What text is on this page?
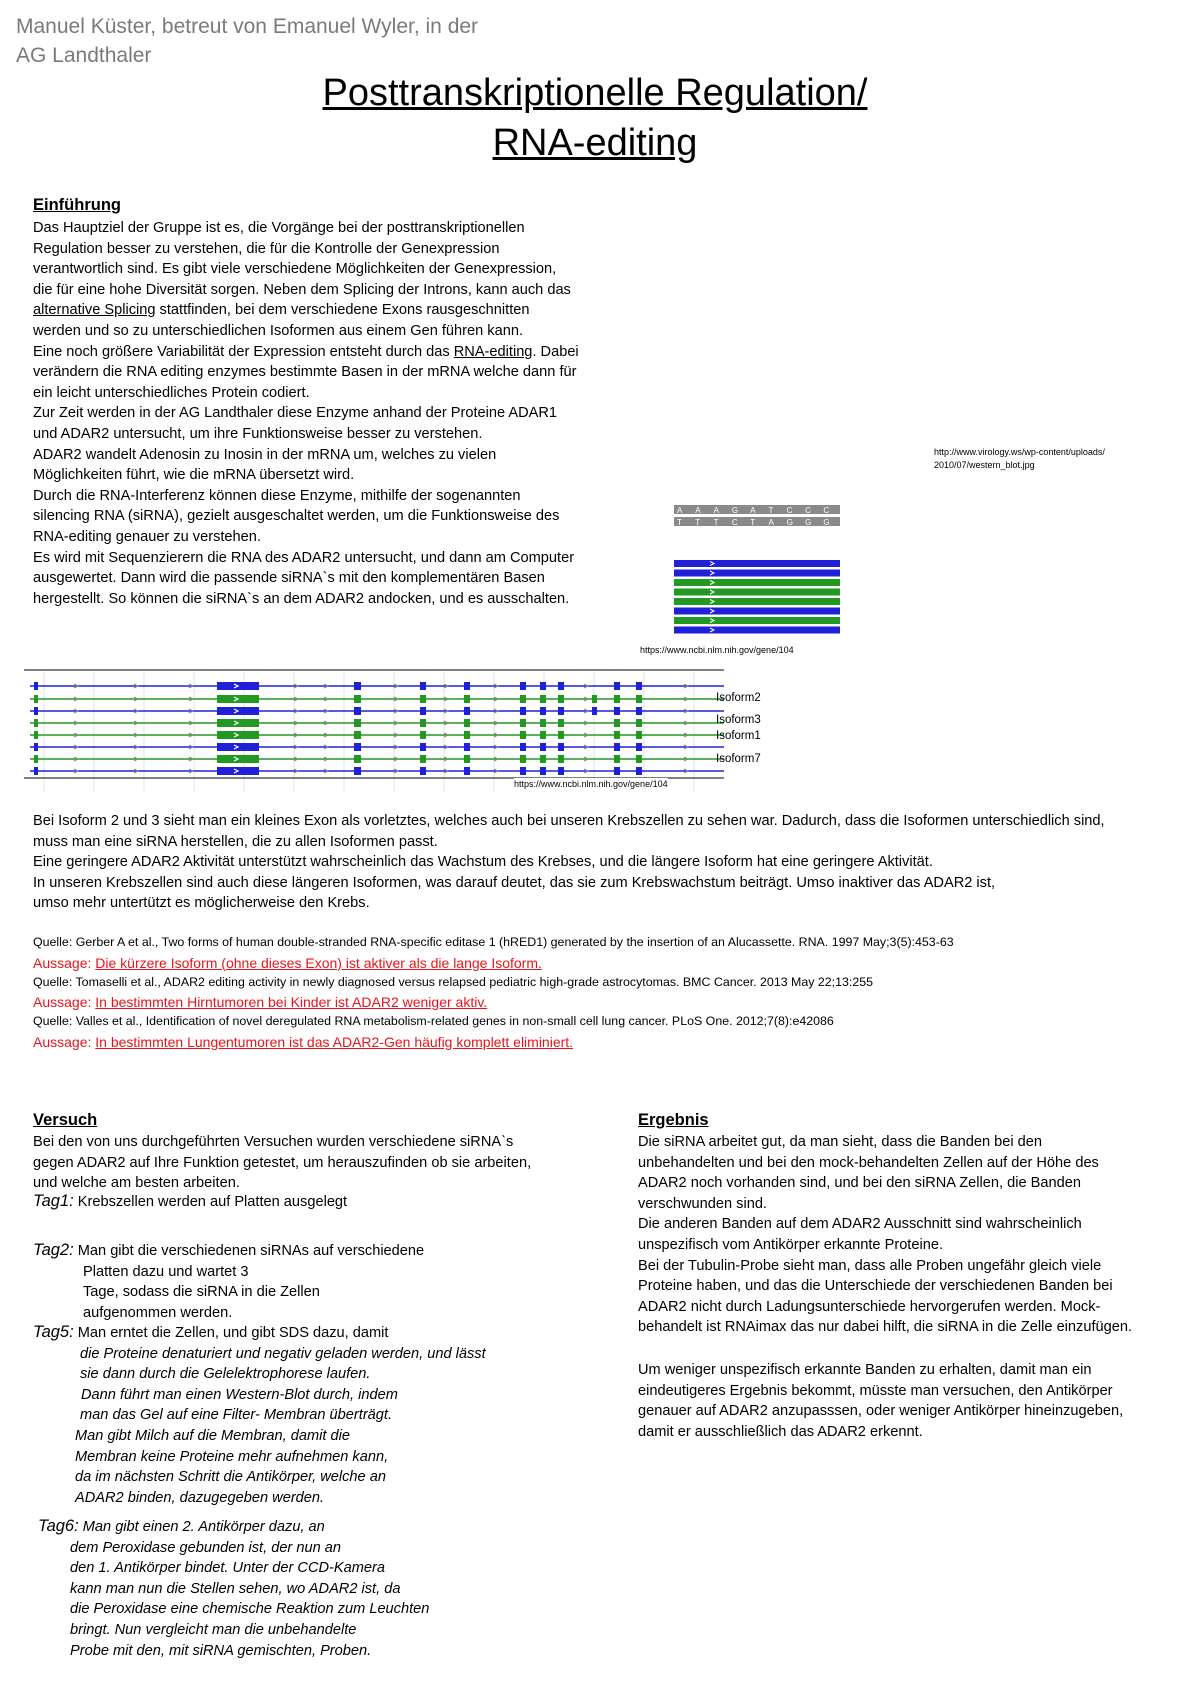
Manuel Küster, betreut von Emanuel Wyler, in der
AG Landthaler
Posttranskriptionelle Regulation/
RNA-editing
Einführung
Das Hauptziel der Gruppe ist es, die Vorgänge bei der posttranskriptionellen
Regulation besser zu verstehen, die für die Kontrolle der Genexpression
verantwortlich sind. Es gibt viele verschiedene Möglichkeiten der Genexpression,
die für eine hohe Diversität sorgen. Neben dem Splicing der Introns, kann auch das
alternative Splicing stattfinden, bei dem verschiedene Exons rausgeschnitten
werden und so zu unterschiedlichen Isoformen aus einem Gen führen kann.
Eine noch größere Variabilität der Expression entsteht durch das RNA-editing. Dabei
verändern die RNA editing enzymes bestimmte Basen in der mRNA welche dann für
ein leicht unterschiedliches Protein codiert.
Zur Zeit werden in der AG Landthaler diese Enzyme anhand der Proteine ADAR1
und ADAR2 untersucht, um ihre Funktionsweise besser zu verstehen.
ADAR2 wandelt Adenosin zu Inosin in der mRNA um, welches zu vielen
Möglichkeiten führt, wie die mRNA übersetzt wird.
Durch die RNA-Interferenz können diese Enzyme, mithilfe der sogenannten
silencing RNA (siRNA), gezielt ausgeschaltet werden, um die Funktionsweise des
RNA-editing genauer zu verstehen.
Es wird mit Sequenzierern die RNA des ADAR2 untersucht, und dann am Computer
ausgewertet. Dann wird die passende siRNA`s mit den komplementären Basen
hergestellt. So können die siRNA`s an dem ADAR2 andocken, und es ausschalten.
http://www.virology.ws/wp-content/uploads/
2010/07/western_blot.jpg
A A A G A T C C C
T T T C T A G G G
https://www.ncbi.nlm.nih.gov/gene/104
Isoform2
Isoform3
Isoform1
Isoform7
https://www.ncbi.nlm.nih.gov/gene/104
Bei Isoform 2 und 3 sieht man ein kleines Exon als vorletztes, welches auch bei unseren Krebszellen zu sehen war. Dadurch, dass die Isoformen unterschiedlich sind,
muss man eine siRNA herstellen, die zu allen Isoformen passt.
Eine geringere ADAR2 Aktivität unterstützt wahrscheinlich das Wachstum des Krebses, und die längere Isoform hat eine geringere Aktivität.
In unseren Krebszellen sind auch diese längeren Isoformen, was darauf deutet, das sie zum Krebswachstum beiträgt. Umso inaktiver das ADAR2 ist,
umso mehr untertützt es möglicherweise den Krebs.
Quelle: Gerber A et al., Two forms of human double-stranded RNA-specific editase 1 (hRED1) generated by the insertion of an Alucassette. RNA. 1997 May;3(5):453-63
Aussage: Die kürzere Isoform (ohne dieses Exon) ist aktiver als die lange Isoform.
Quelle: Tomaselli et al., ADAR2 editing activity in newly diagnosed versus relapsed pediatric high-grade astrocytomas. BMC Cancer. 2013 May 22;13:255
Aussage: In bestimmten Hirntumoren bei Kinder ist ADAR2 weniger aktiv.
Quelle: Valles et al., Identification of novel deregulated RNA metabolism-related genes in non-small cell lung cancer. PLoS One. 2012;7(8):e42086
Aussage: In bestimmten Lungentumoren ist das ADAR2-Gen häufig komplett eliminiert.
Versuch
Bei den von uns durchgeführten Versuchen wurden verschiedene siRNA`s
gegen ADAR2 auf Ihre Funktion getestet, um herauszufinden ob sie arbeiten,
und welche am besten arbeiten.
Tag1: Krebszellen werden auf Platten ausgelegt
Tag2: Man gibt die verschiedenen siRNAs auf verschiedene
Platten dazu und wartet 3
Tage, sodass die siRNA in die Zellen
aufgenommen werden.
Tag5: Man erntet die Zellen, und gibt SDS dazu, damit
die Proteine denaturiert und negativ geladen werden, und lässt
sie dann durch die Gelelektrophorese laufen.
Dann führt man einen Western-Blot durch, indem
man das Gel auf eine Filter- Membran überträgt.
Man gibt Milch auf die Membran, damit die
Membran keine Proteine mehr aufnehmen kann,
da im nächsten Schritt die Antikörper, welche an
ADAR2 binden, dazugegeben werden.
Tag6: Man gibt einen 2. Antikörper dazu, an
dem Peroxidase gebunden ist, der nun an
den 1. Antikörper bindet. Unter der CCD-Kamera
kann man nun die Stellen sehen, wo ADAR2 ist, da
die Peroxidase eine chemische Reaktion zum Leuchten
bringt. Nun vergleicht man die unbehandelte
Probe mit den, mit siRNA gemischten, Proben.
Ergebnis
Die siRNA arbeitet gut, da man sieht, dass die Banden bei den
unbehandelten und bei den mock-behandelten Zellen auf der Höhe des
ADAR2 noch vorhanden sind, und bei den siRNA Zellen, die Banden
verschwunden sind.
Die anderen Banden auf dem ADAR2 Ausschnitt sind wahrscheinlich
unspezifisch vom Antikörper erkannte Proteine.
Bei der Tubulin-Probe sieht man, dass alle Proben ungefähr gleich viele
Proteine haben, und das die Unterschiede der verschiedenen Banden bei
ADAR2 nicht durch Ladungsunterschiede hervorgerufen werden. Mock-
behandelt ist RNAimax das nur dabei hilft, die siRNA in die Zelle einzufügen.
Um weniger unspezifisch erkannte Banden zu erhalten, damit man ein
eindeutigeres Ergebnis bekommt, müsste man versuchen, den Antikörper
genauer auf ADAR2 anzupasssen, oder weniger Antikörper hineinzugeben,
damit er ausschließlich das ADAR2 erkennt.
